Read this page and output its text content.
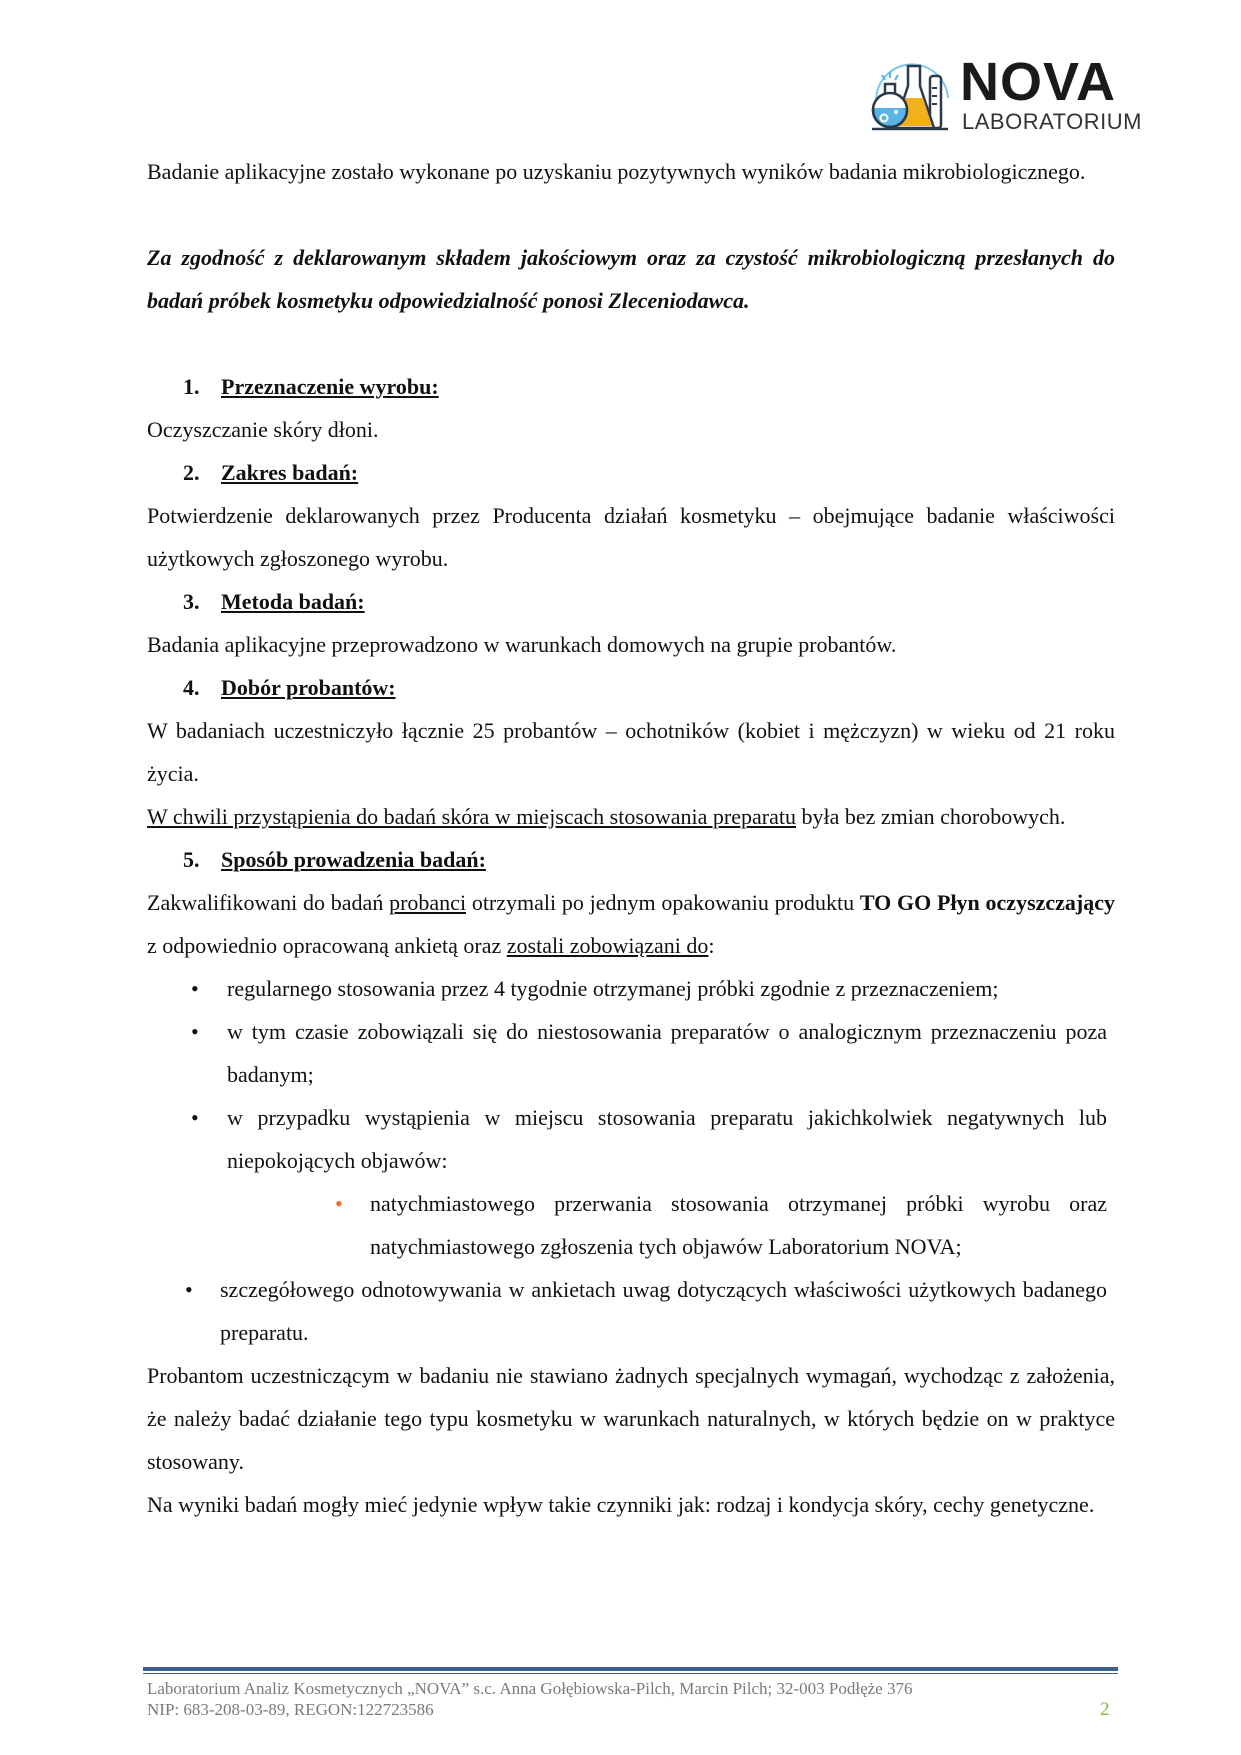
NOVA
LABORATORIUM

Badanie aplikacyjne zostało wykonane po uzyskaniu pozytywnych wyników badania mikrobiologicznego.

Za zgodność z deklarowanym składem jakościowym oraz za czystość mikrobiologiczną przesłanych do badań próbek kosmetyku odpowiedzialność ponosi Zleceniodawca.

1. Przeznaczenie wyrobu:

Oczyszczanie skóry dłoni.

2. Zakres badań:

Potwierdzenie deklarowanych przez Producenta działań kosmetyku – obejmujące badanie właściwości użytkowych zgłoszonego wyrobu.

3. Metoda badań:

Badania aplikacyjne przeprowadzono w warunkach domowych na grupie probantów.

4. Dobór probantów:

W badaniach uczestniczyło łącznie 25 probantów – ochotników (kobiet i mężczyzn) w wieku od 21 roku życia.

W chwili przystąpienia do badań skóra w miejscach stosowania preparatu była bez zmian chorobowych.

5. Sposób prowadzenia badań:

Zakwalifikowani do badań probanci otrzymali po jednym opakowaniu produktu TO GO Płyn oczyszczający z odpowiednio opracowaną ankietą oraz zostali zobowiązani do:

• regularnego stosowania przez 4 tygodnie otrzymanej próbki zgodnie z przeznaczeniem;
• w tym czasie zobowiązali się do niestosowania preparatów o analogicznym przeznaczeniu poza badanym;
• w przypadku wystąpienia w miejscu stosowania preparatu jakichkolwiek negatywnych lub niepokojących objawów:
• natychmiastowego przerwania stosowania otrzymanej próbki wyrobu oraz natychmiastowego zgłoszenia tych objawów Laboratorium NOVA;
• szczegółowego odnotowywania w ankietach uwag dotyczących właściwości użytkowych badanego preparatu.

Probantom uczestniczącym w badaniu nie stawiano żadnych specjalnych wymagań, wychodząc z założenia, że należy badać działanie tego typu kosmetyku w warunkach naturalnych, w których będzie on w praktyce stosowany.

Na wyniki badań mogły mieć jedynie wpływ takie czynniki jak: rodzaj i kondycja skóry, cechy genetyczne.

Laboratorium Analiz Kosmetycznych „NOVA” s.c. Anna Gołębiowska-Pilch, Marcin Pilch; 32-003 Podłęże 376
NIP: 683-208-03-89, REGON:122723586	2
